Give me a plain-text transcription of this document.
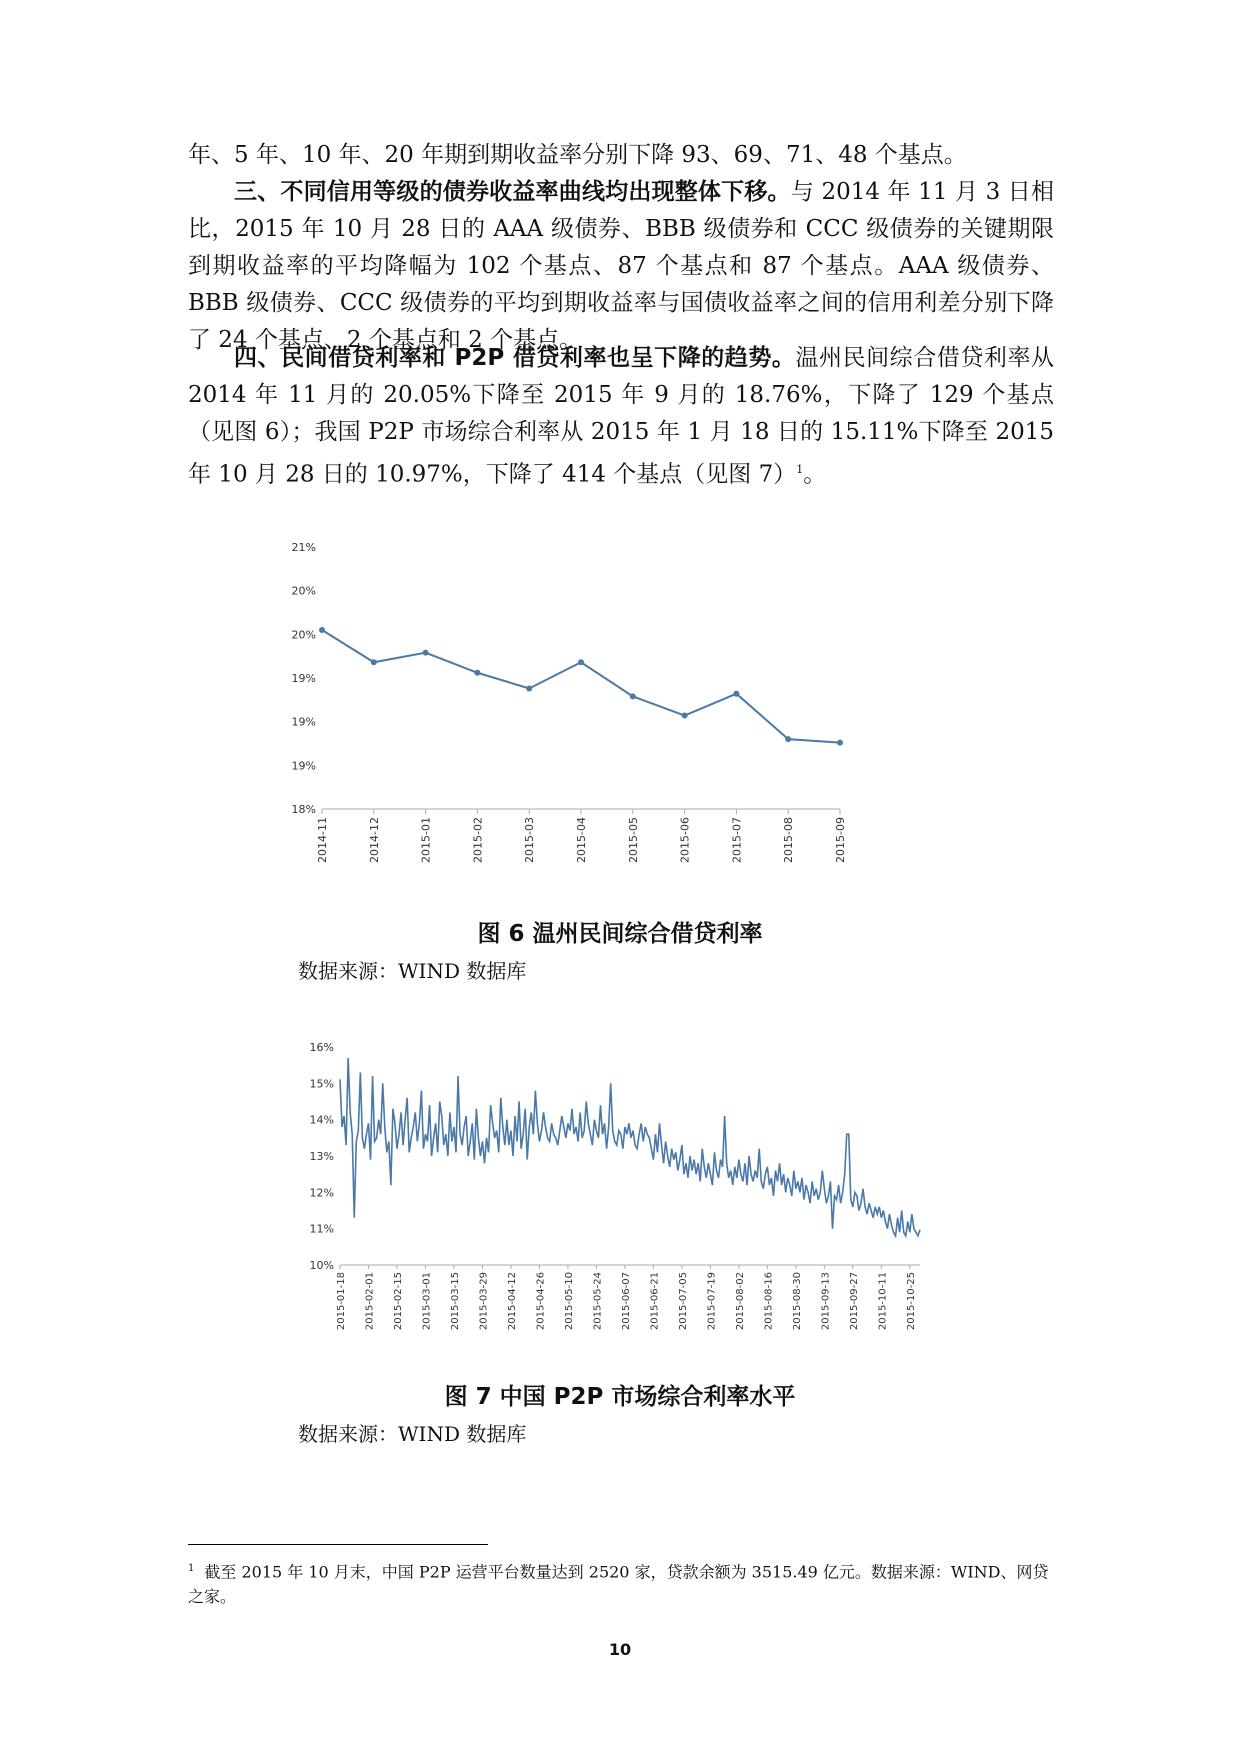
年、5 年、10 年、20 年期到期收益率分别下降 93、69、71、48 个基点。

三、不同信用等级的债券收益率曲线均出现整体下移。与 2014 年 11 月 3 日相比，2015 年 10 月 28 日的 AAA 级债券、BBB 级债券和 CCC 级债券的关键期限到期收益率的平均降幅为 102 个基点、87 个基点和 87 个基点。AAA 级债券、BBB 级债券、CCC 级债券的平均到期收益率与国债收益率之间的信用利差分别下降了 24 个基点、2 个基点和 2 个基点。

四、民间借贷利率和 P2P 借贷利率也呈下降的趋势。温州民间综合借贷利率从 2014 年 11 月的 20.05%下降至 2015 年 9 月的 18.76%，下降了 129 个基点（见图 6）；我国 P2P 市场综合利率从 2015 年 1 月 18 日的 15.11%下降至 2015 年 10 月 28 日的 10.97%，下降了 414 个基点（见图 7）$^1$。

18%
19%
19%
19%
20%
20%
21%
2014-11	2014-12	2015-01	2015-02	2015-03	2015-04	2015-05	2015-06	2015-07	2015-08	2015-09
图 6 温州民间综合借贷利率
数据来源：WIND 数据库
10%
11%
12%
13%
14%
15%
16%
2015-01-18 2015-02-01 2015-02-15 2015-03-01 2015-03-15 2015-03-29 2015-04-12 2015-04-26 2015-05-10 2015-05-24 2015-06-07 2015-06-21 2015-07-05 2015-07-19 2015-08-02 2015-08-16 2015-08-30 2015-09-13 2015-09-27 2015-10-11 2015-10-25
图 7 中国 P2P 市场综合利率水平
数据来源：WIND 数据库
$^1$ 截至 2015 年 10 月末，中国 P2P 运营平台数量达到 2520 家，贷款余额为 3515.49 亿元。数据来源：WIND、网贷之家。
10
